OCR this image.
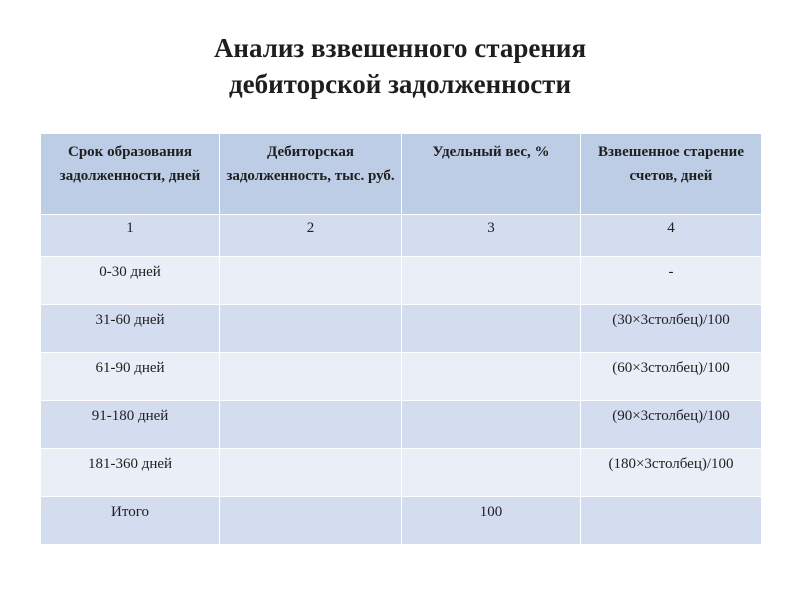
Анализ взвешенного старения
дебиторской задолженности
Срок образования задолженности, дней	Дебиторская задолженность, тыс. руб.	Удельный вес, %	Взвешенное старение счетов, дней
1	2	3	4
0-30 дней			-
31-60 дней			(30×3столбец)/100
61-90 дней			(60×3столбец)/100
91-180 дней			(90×3столбец)/100
181-360 дней			(180×3столбец)/100
Итого		100	
